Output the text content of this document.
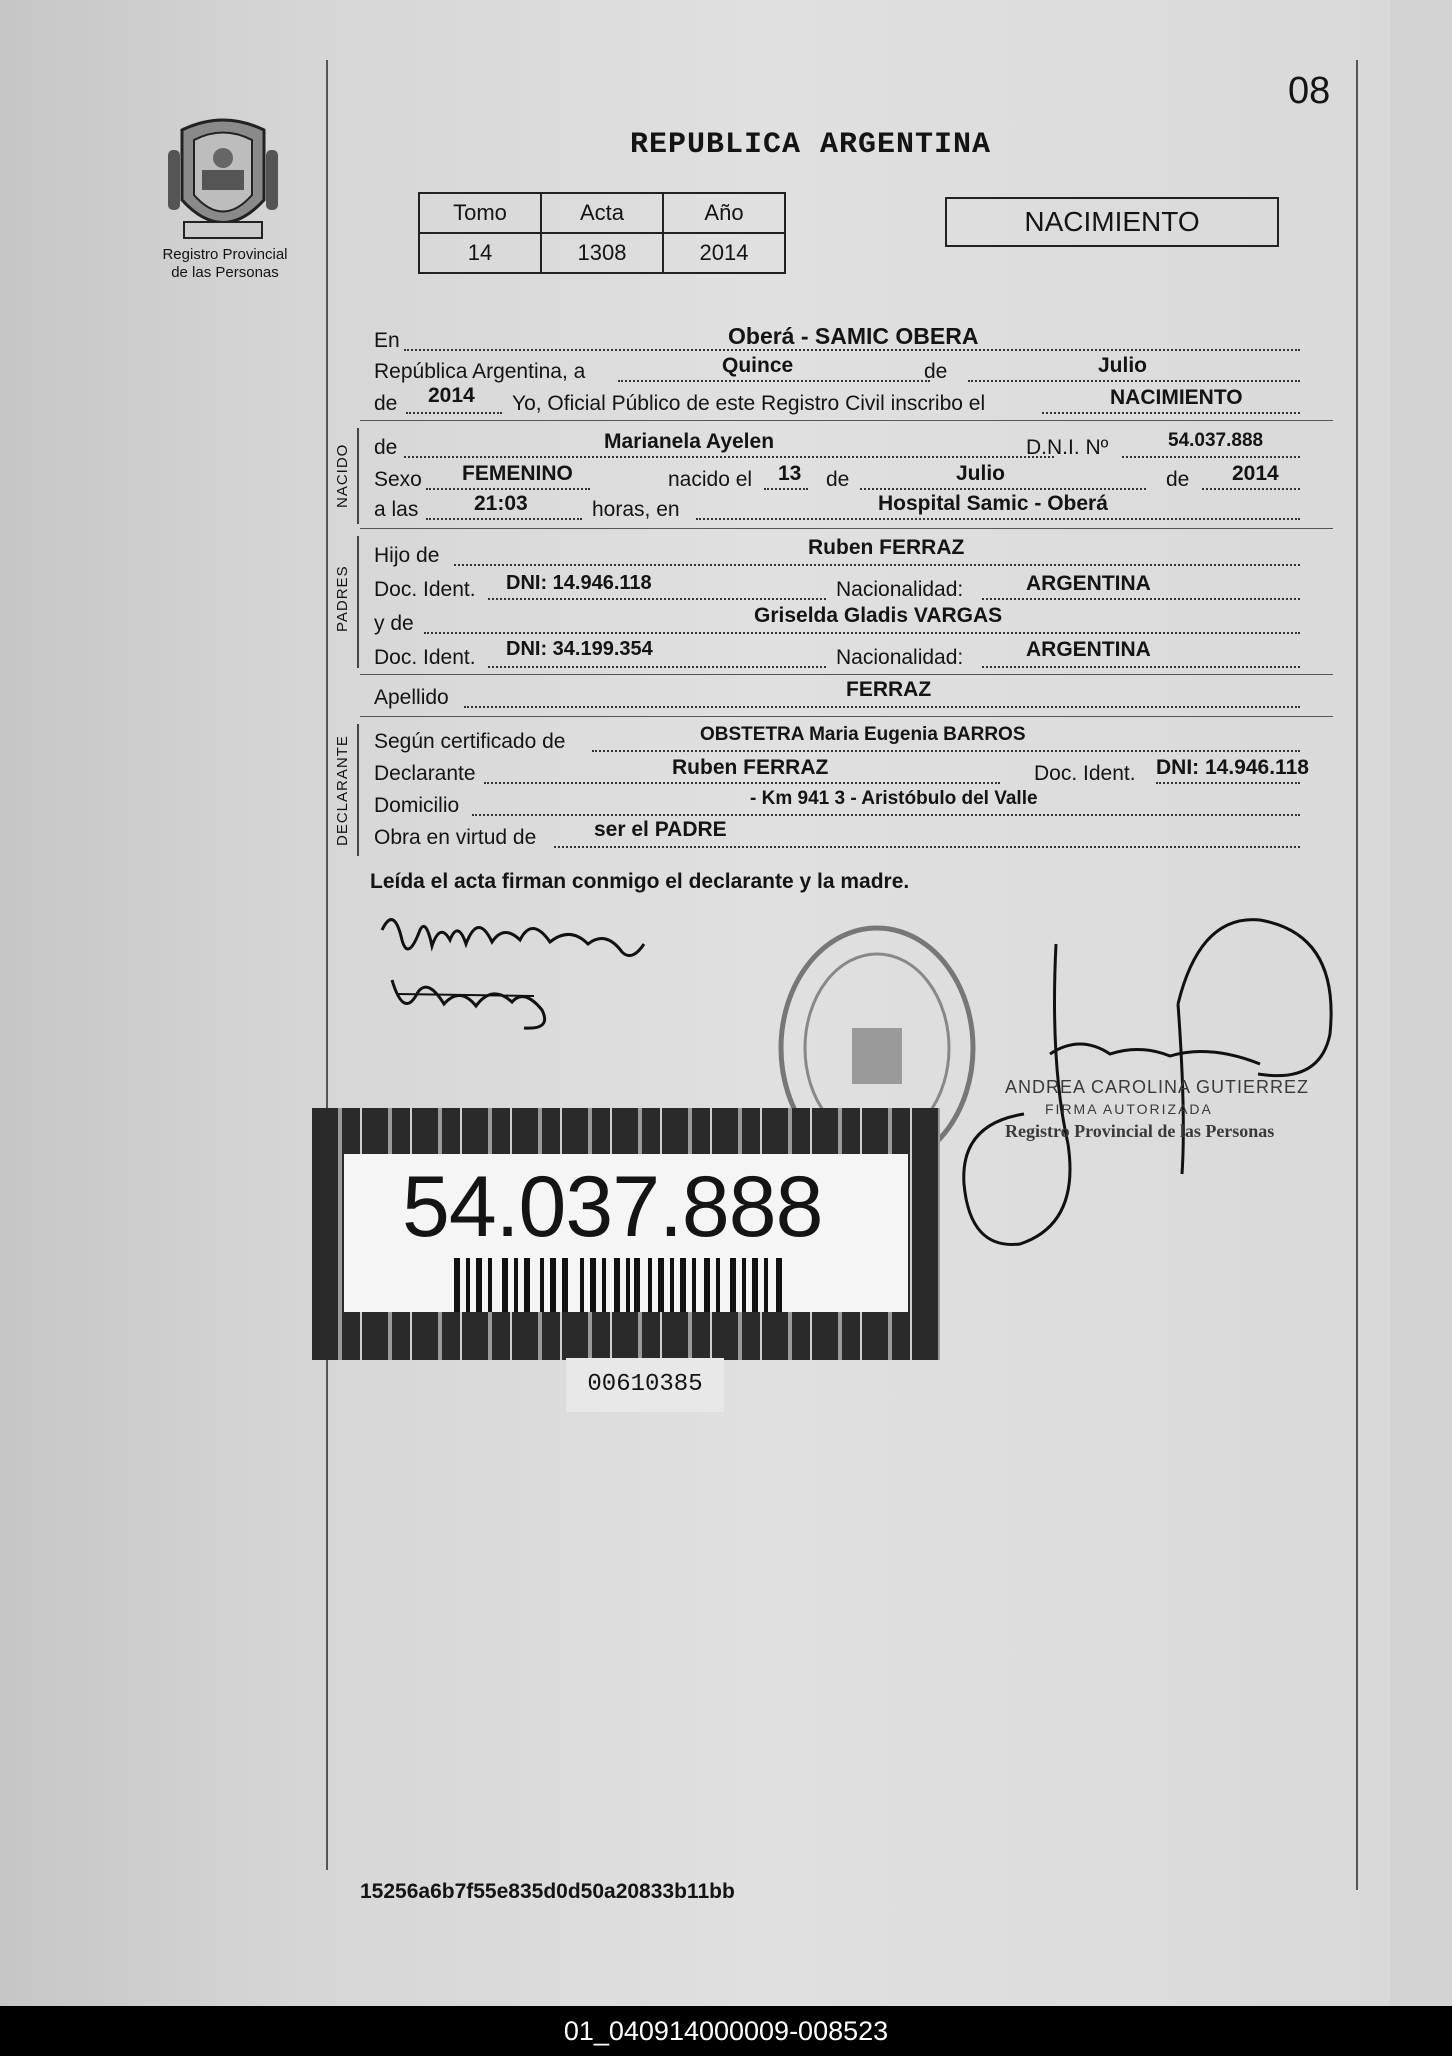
08
Registro Provincial
de las Personas
REPUBLICA ARGENTINA
Tomo	Acta	Año
14	1308	2014
NACIMIENTO
En	Oberá - SAMIC OBERA
República Argentina, a	Quince	de	Julio
de 2014 Yo, Oficial Público de este Registro Civil inscribo el	NACIMIENTO
NACIDO de	Marianela Ayelen	D.N.I. Nº	54.037.888
Sexo FEMENINO	nacido el 13 de	Julio	de 2014
a las	21:03	horas, en	Hospital Samic - Oberá
PADRES
Hijo de	Ruben FERRAZ
Doc. Ident. DNI: 14.946.118	Nacionalidad:	ARGENTINA
y de	Griselda Gladis VARGAS
Doc. Ident. DNI: 34.199.354	Nacionalidad:	ARGENTINA
Apellido	FERRAZ
DECLARANTE Según certificado de	OBSTETRA Maria Eugenia BARROS
Declarante	Ruben FERRAZ	Doc. Ident. DNI: 14.946.118
Domicilio	- Km 941 3 - Aristóbulo del Valle
Obra en virtud de	ser el PADRE
Leída el acta firman conmigo el declarante y la madre.
ANDREA CAROLINA GUTIERREZ
FIRMA AUTORIZADA
Registro Provincial de las Personas
54.037.888
00610385
15256a6b7f55e835d0d50a20833b11bb
01_040914000009-008523
